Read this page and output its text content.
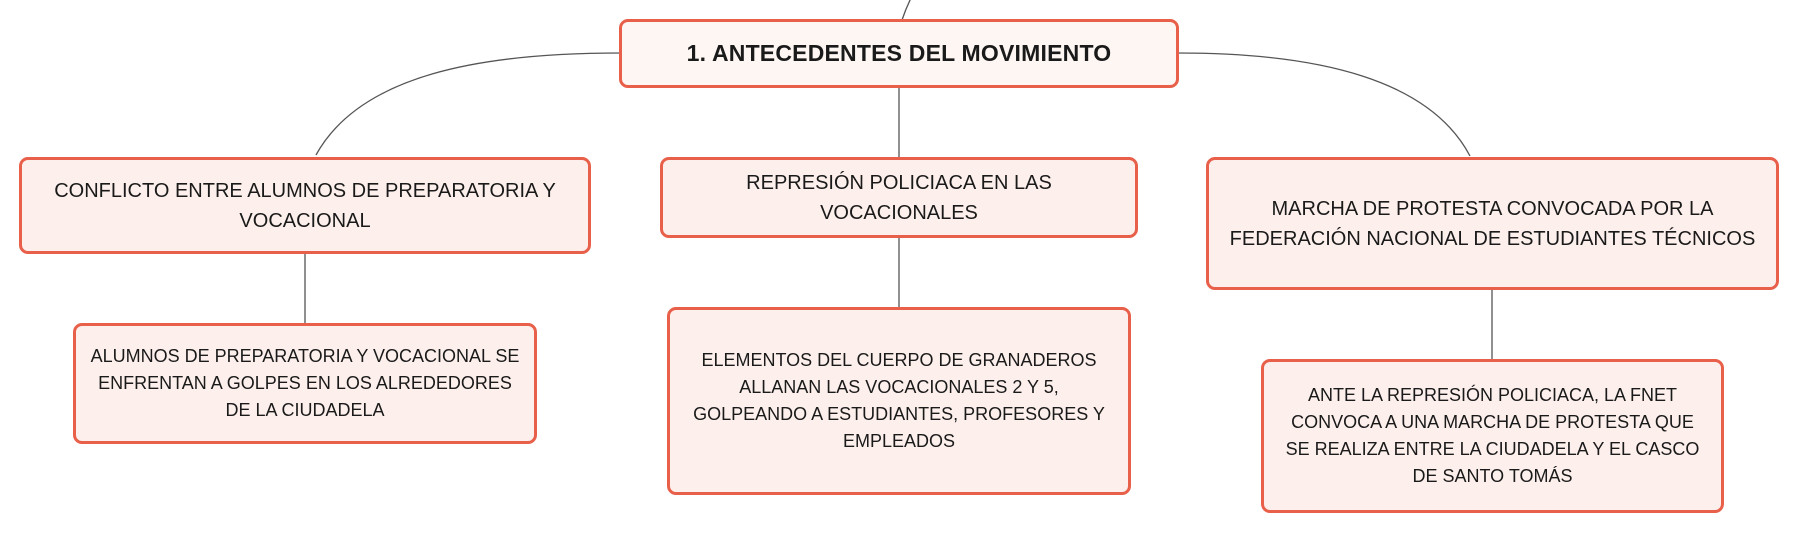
1. ANTECEDENTES DEL MOVIMIENTO
CONFLICTO ENTRE ALUMNOS DE PREPARATORIA Y VOCACIONAL
REPRESIÓN POLICIACA EN LAS VOCACIONALES	MARCHA DE PROTESTA CONVOCADA POR LA FEDERACIÓN NACIONAL DE ESTUDIANTES TÉCNICOS
ALUMNOS DE PREPARATORIA Y VOCACIONAL SE ENFRENTAN A GOLPES EN LOS ALREDEDORES DE LA CIUDADELA
ELEMENTOS DEL CUERPO DE GRANADEROS ALLANAN LAS VOCACIONALES 2 Y 5, GOLPEANDO A ESTUDIANTES, PROFESORES Y EMPLEADOS
ANTE LA REPRESIÓN POLICIACA, LA FNET CONVOCA A UNA MARCHA DE PROTESTA QUE SE REALIZA ENTRE LA CIUDADELA Y EL CASCO DE SANTO TOMÁS
